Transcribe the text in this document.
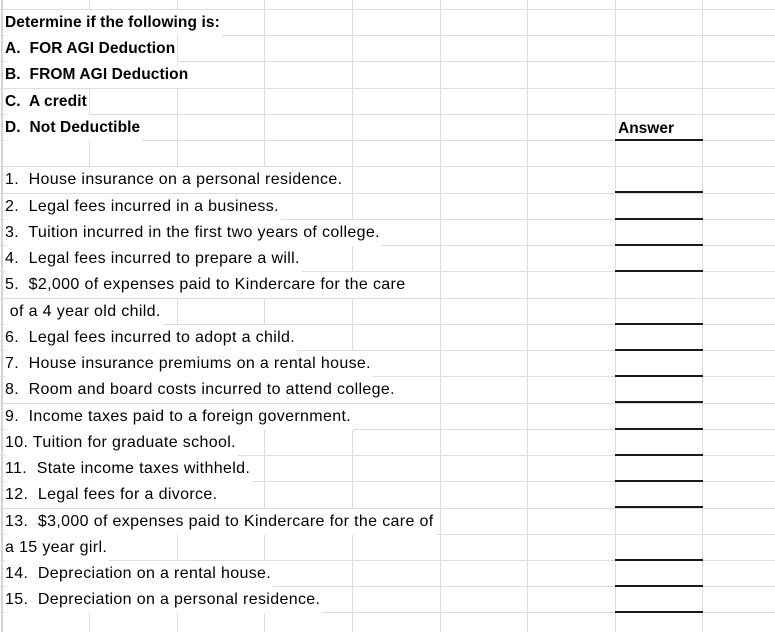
Determine if the following is:
A.  FOR AGI Deduction
B.  FROM AGI Deduction
C.  A credit
D.  Not Deductible	Answer
1.  House insurance on a personal residence.
2.  Legal fees incurred in a business.
3.  Tuition incurred in the first two years of college.
4.  Legal fees incurred to prepare a will.
5.  $2,000 of expenses paid to Kindercare for the care
of a 4 year old child.
6.  Legal fees incurred to adopt a child.
7.  House insurance premiums on a rental house.
8.  Room and board costs incurred to attend college.
9.  Income taxes paid to a foreign government.
10. Tuition for graduate school.
11.  State income taxes withheld.
12.  Legal fees for a divorce.
13.  $3,000 of expenses paid to Kindercare for the care of
a 15 year girl.
14.  Depreciation on a rental house.
15.  Depreciation on a personal residence.
